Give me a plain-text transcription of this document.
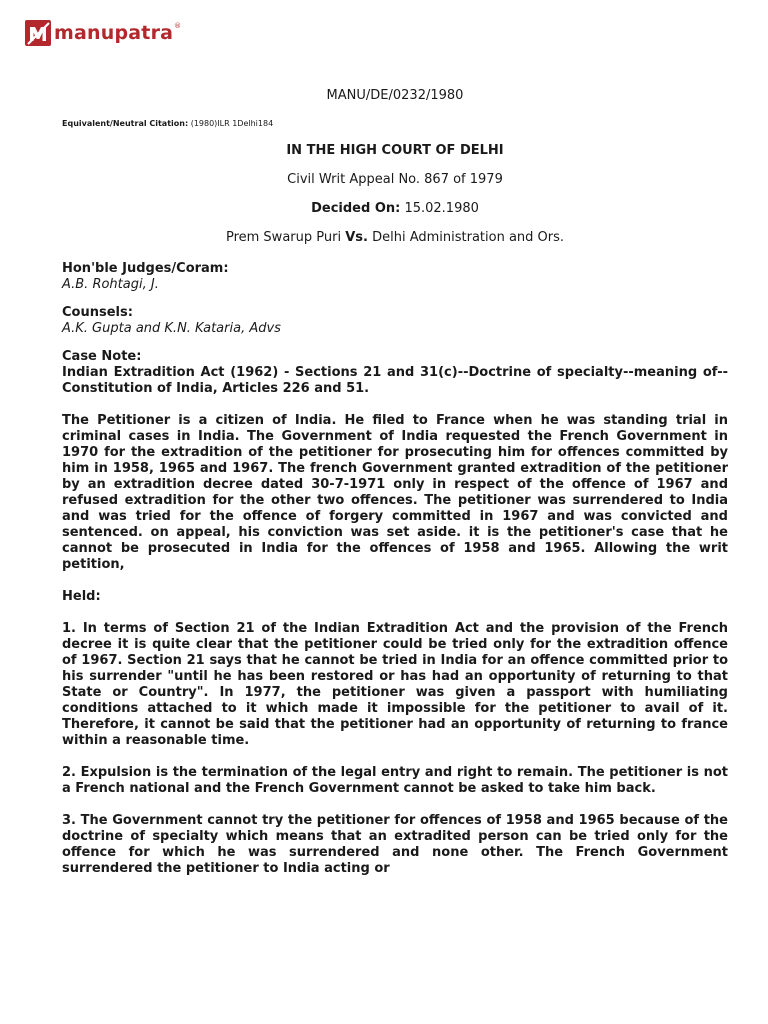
manupatra ®
MANU/DE/0232/1980
Equivalent/Neutral Citation: (1980)ILR 1Delhi184
IN THE HIGH COURT OF DELHI
Civil Writ Appeal No. 867 of 1979
Decided On: 15.02.1980
Prem Swarup Puri Vs. Delhi Administration and Ors.
Hon'ble Judges/Coram:
A.B. Rohtagi, J.
Counsels:
A.K. Gupta and K.N. Kataria, Advs
Case Note:
Indian Extradition Act (1962) - Sections 21 and 31(c)--Doctrine of specialty--meaning of--Constitution of India, Articles 226 and 51.
The Petitioner is a citizen of India. He filed to France when he was standing trial in criminal cases in India. The Government of India requested the French Government in 1970 for the extradition of the petitioner for prosecuting him for offences committed by him in 1958, 1965 and 1967. The french Government granted extradition of the petitioner by an extradition decree dated 30-7-1971 only in respect of the offence of 1967 and refused extradition for the other two offences. The petitioner was surrendered to India and was tried for the offence of forgery committed in 1967 and was convicted and sentenced. on appeal, his conviction was set aside. it is the petitioner's case that he cannot be prosecuted in India for the offences of 1958 and 1965. Allowing the writ petition,
Held:
1. In terms of Section 21 of the Indian Extradition Act and the provision of the French decree it is quite clear that the petitioner could be tried only for the extradition offence of 1967. Section 21 says that he cannot be tried in India for an offence committed prior to his surrender "until he has been restored or has had an opportunity of returning to that State or Country". In 1977, the petitioner was given a passport with humiliating conditions attached to it which made it impossible for the petitioner to avail of it. Therefore, it cannot be said that the petitioner had an opportunity of returning to france within a reasonable time.
2. Expulsion is the termination of the legal entry and right to remain. The petitioner is not a French national and the French Government cannot be asked to take him back.
3. The Government cannot try the petitioner for offences of 1958 and 1965 because of the doctrine of specialty which means that an extradited person can be tried only for the offence for which he was surrendered and none other. The French Government surrendered the petitioner to India acting or
